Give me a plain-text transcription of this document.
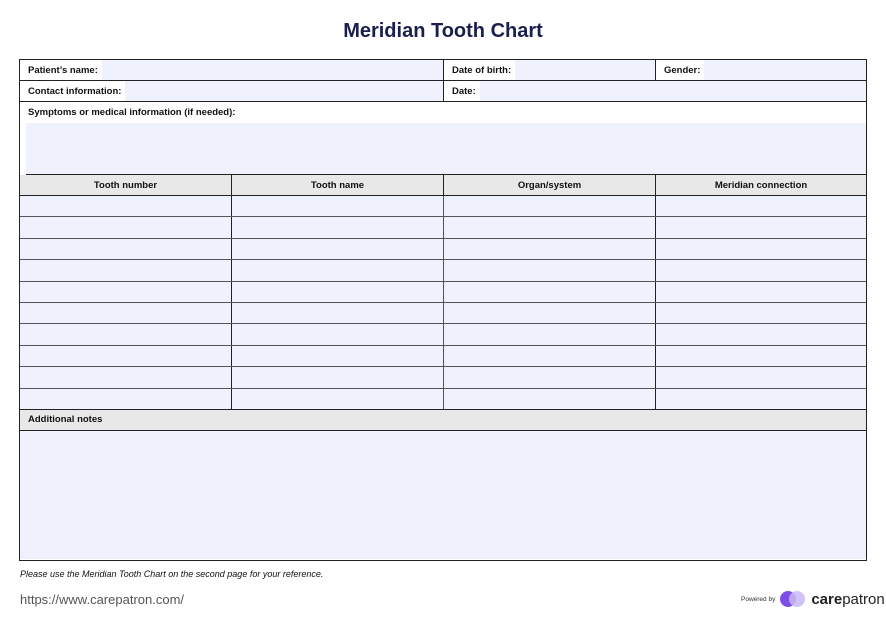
Meridian Tooth Chart
Patient’s name:	Date of birth:	Gender:
Contact information:	Date:
Symptoms or medical information (if needed):
Tooth number	Tooth name	Organ/system	Meridian connection
Additional notes
Please use the Meridian Tooth Chart on the second page for your reference.
https://www.carepatron.com/	Powered by carepatron
